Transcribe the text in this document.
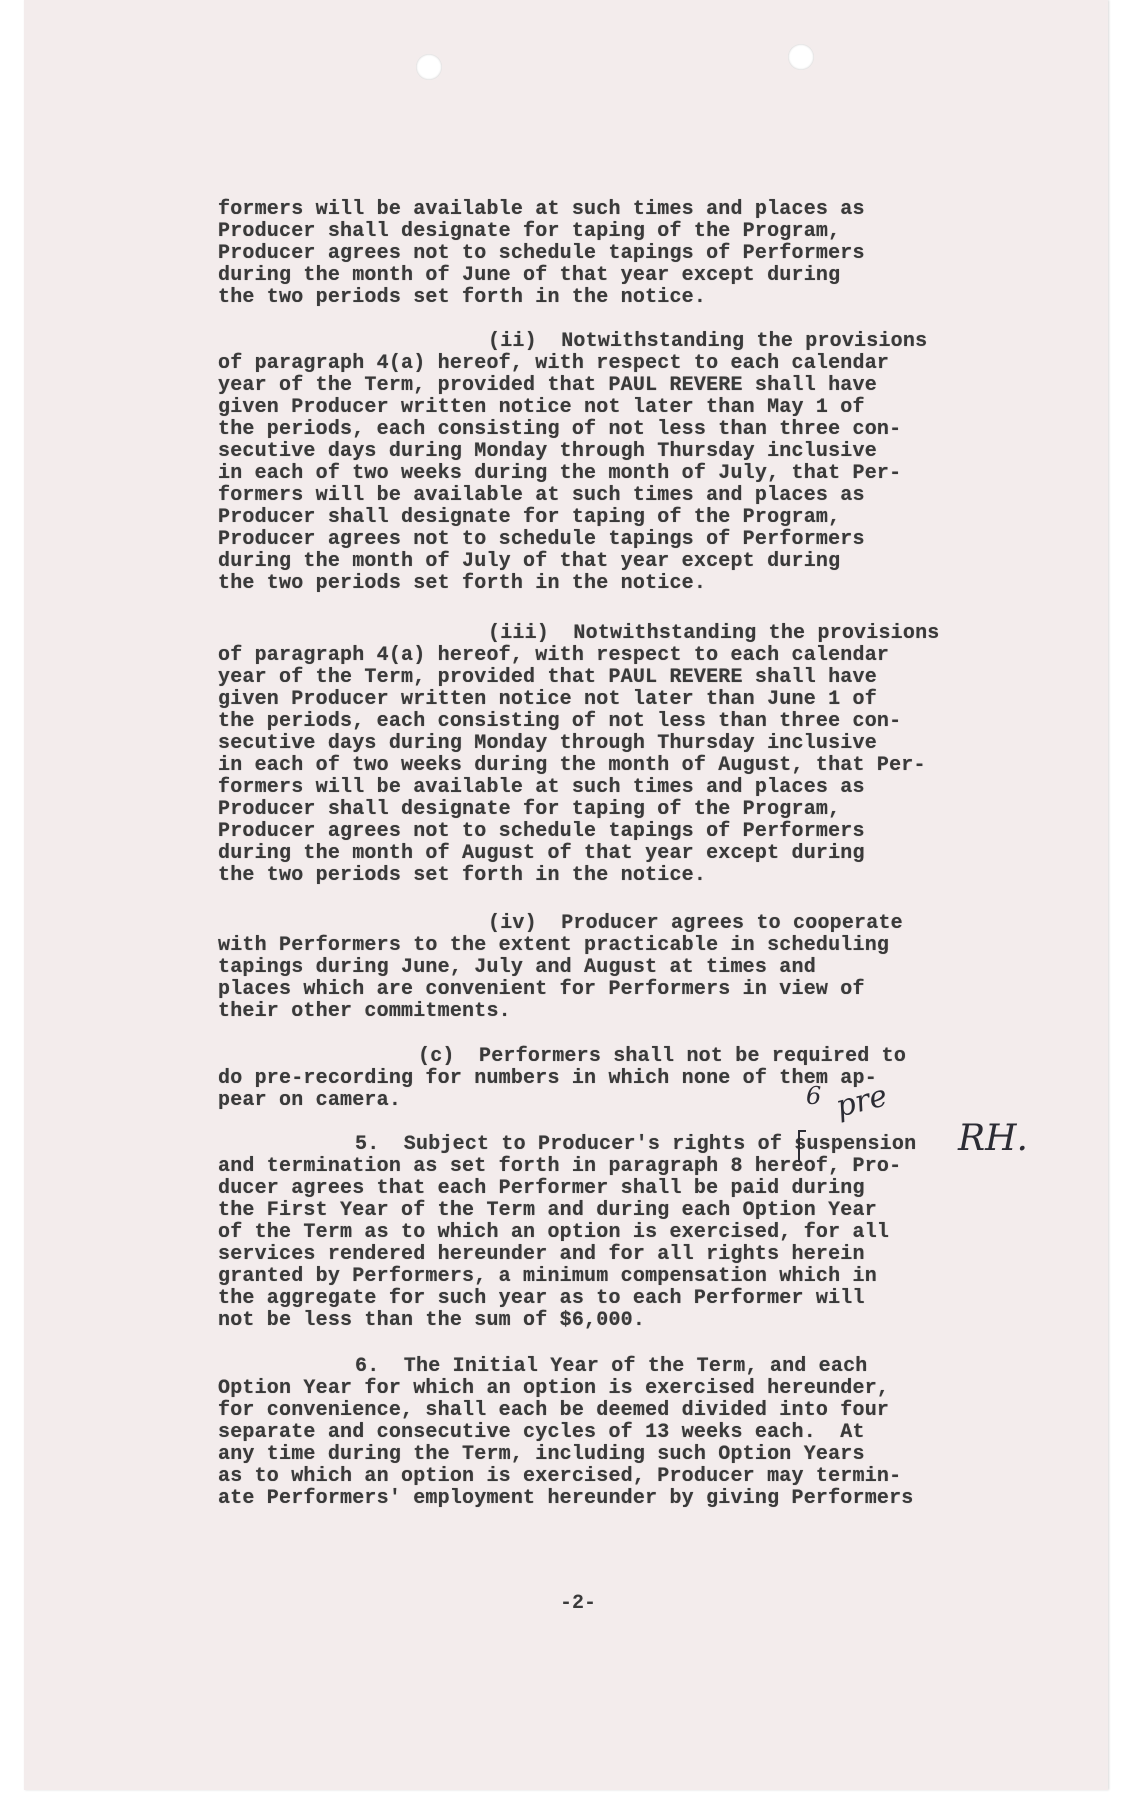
formers will be available at such times and places as

Producer shall designate for taping of the Program,

Producer agrees not to schedule tapings of Performers

during the month of June of that year except during

the two periods set forth in the notice.

(ii)  Notwithstanding the provisions

of paragraph 4(a) hereof, with respect to each calendar

year of the Term, provided that PAUL REVERE shall have

given Producer written notice not later than May 1 of

the periods, each consisting of not less than three con-

secutive days during Monday through Thursday inclusive

in each of two weeks during the month of July, that Per-

formers will be available at such times and places as

Producer shall designate for taping of the Program,

Producer agrees not to schedule tapings of Performers

during the month of July of that year except during

the two periods set forth in the notice.

(iii)  Notwithstanding the provisions

of paragraph 4(a) hereof, with respect to each calendar

year of the Term, provided that PAUL REVERE shall have

given Producer written notice not later than June 1 of

the periods, each consisting of not less than three con-

secutive days during Monday through Thursday inclusive

in each of two weeks during the month of August, that Per-

formers will be available at such times and places as

Producer shall designate for taping of the Program,

Producer agrees not to schedule tapings of Performers

during the month of August of that year except during

the two periods set forth in the notice.

(iv)  Producer agrees to cooperate

with Performers to the extent practicable in scheduling

tapings during June, July and August at times and

places which are convenient for Performers in view of

their other commitments.

(c)  Performers shall not be required to

do pre-recording for numbers in which none of them ap-

pear on camera.

5.  Subject to Producer's rights of suspension

and termination as set forth in paragraph 8 hereof, Pro-

ducer agrees that each Performer shall be paid during

the First Year of the Term and during each Option Year

of the Term as to which an option is exercised, for all

services rendered hereunder and for all rights herein

granted by Performers, a minimum compensation which in

the aggregate for such year as to each Performer will

not be less than the sum of $6,000.

6.  The Initial Year of the Term, and each

Option Year for which an option is exercised hereunder,

for convenience, shall each be deemed divided into four

separate and consecutive cycles of 13 weeks each.  At

any time during the Term, including such Option Years

as to which an option is exercised, Producer may termin-

ate Performers' employment hereunder by giving Performers

-2-
6 pre
RH.
